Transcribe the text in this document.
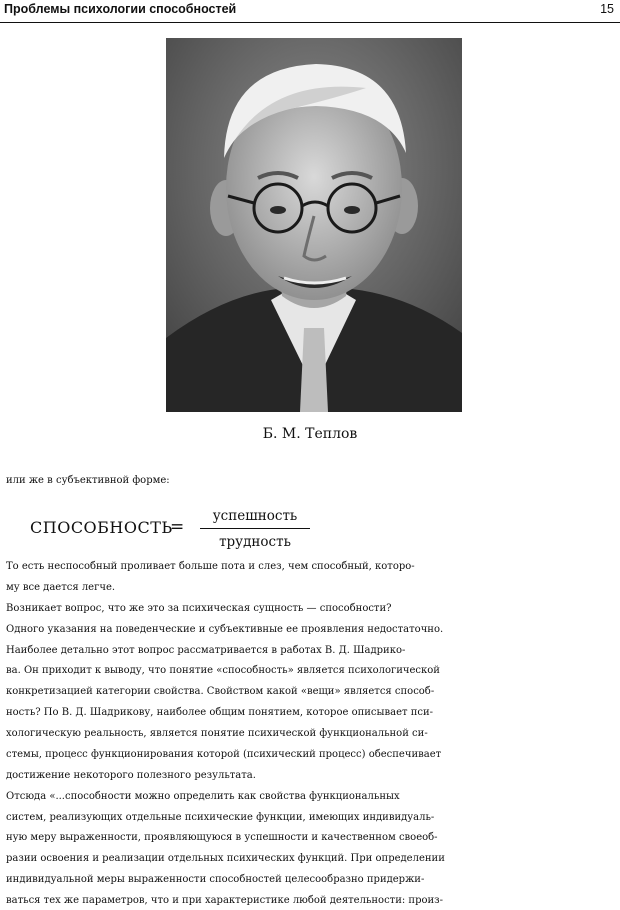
Проблемы психологии способностей	15
Б. М. Теплов
или же в субъективной форме:
СПОСОБНОСТЬ
=
успешность
трудность
То есть неспособный проливает больше пота и слез, чем способный, которо-
му все дается легче.
Возникает вопрос, что же это за психическая сущность — способности?
Одного указания на поведенческие и субъективные ее проявления недостаточно.
Наиболее детально этот вопрос рассматривается в работах В. Д. Шадрико-
ва. Он приходит к выводу, что понятие «способность» является психологической
конкретизацией категории свойства. Свойством какой «вещи» является способ-
ность? По В. Д. Шадрикову, наиболее общим понятием, которое описывает пси-
хологическую реальность, является понятие психической функциональной си-
стемы, процесс функционирования которой (психический процесс) обеспечивает
достижение некоторого полезного результата.
Отсюда «...способности можно определить как свойства функциональных
систем, реализующих отдельные психические функции, имеющих индивидуаль-
ную меру выраженности, проявляющуюся в успешности и качественном своеоб-
разии освоения и реализации отдельных психических функций. При определении
индивидуальной меры выраженности способностей целесообразно придержи-
ваться тех же параметров, что и при характеристике любой деятельности: произ-
